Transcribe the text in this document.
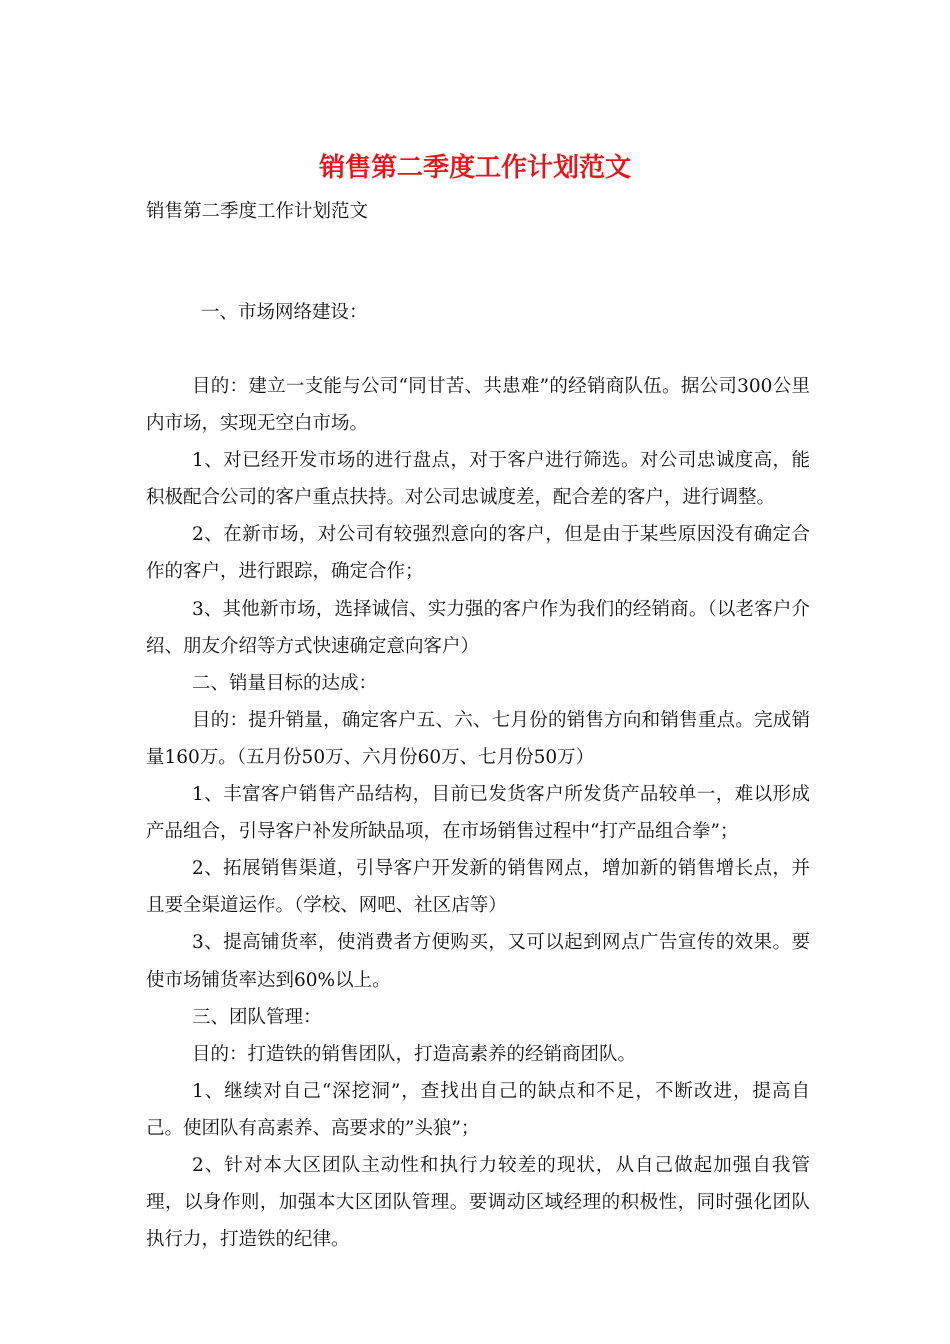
销售第二季度工作计划范文

销售第二季度工作计划范文

一、市场网络建设：

目的：建立一支能与公司“同甘苦、共患难”的经销商队伍。据公司300公里内市场，实现无空白市场。

1、对已经开发市场的进行盘点，对于客户进行筛选。对公司忠诚度高，能积极配合公司的客户重点扶持。对公司忠诚度差，配合差的客户，进行调整。

2、在新市场，对公司有较强烈意向的客户，但是由于某些原因没有确定合作的客户，进行跟踪，确定合作；

3、其他新市场，选择诚信、实力强的客户作为我们的经销商。（以老客户介绍、朋友介绍等方式快速确定意向客户）

二、销量目标的达成：

目的：提升销量，确定客户五、六、七月份的销售方向和销售重点。完成销量160万。（五月份50万、六月份60万、七月份50万）

1、丰富客户销售产品结构，目前已发货客户所发货产品较单一，难以形成产品组合，引导客户补发所缺品项，在市场销售过程中“打产品组合拳”；

2、拓展销售渠道，引导客户开发新的销售网点，增加新的销售增长点，并且要全渠道运作。（学校、网吧、社区店等）

3、提高铺货率，使消费者方便购买，又可以起到网点广告宣传的效果。要使市场铺货率达到60%以上。

三、团队管理：

目的：打造铁的销售团队，打造高素养的经销商团队。

1、继续对自己“深挖洞”，查找出自己的缺点和不足，不断改进，提高自己。使团队有高素养、高要求的”头狼”；

2、针对本大区团队主动性和执行力较差的现状，从自己做起加强自我管理，以身作则，加强本大区团队管理。要调动区域经理的积极性，同时强化团队执行力，打造铁的纪律。
